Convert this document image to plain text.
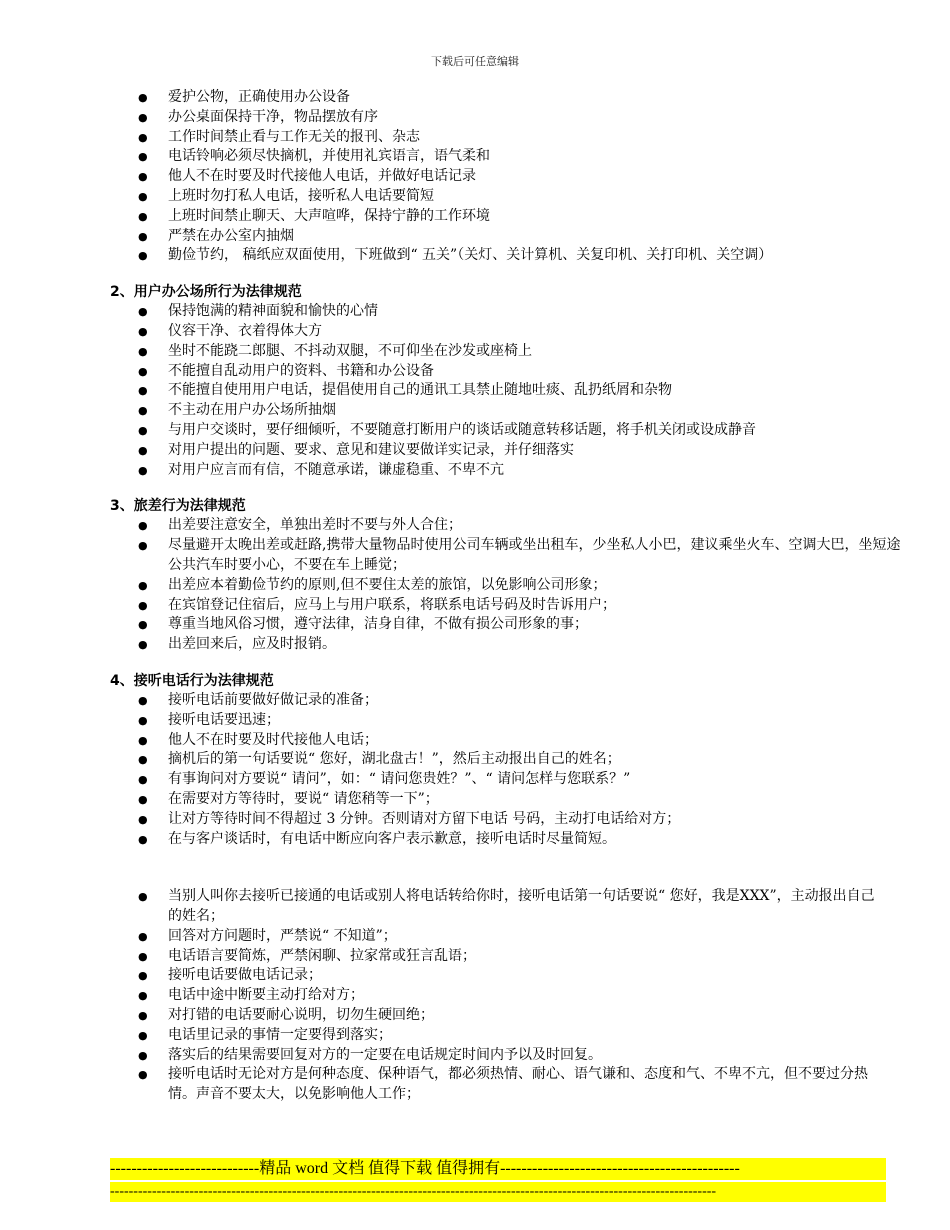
下载后可任意编辑
● 爱护公物，正确使用办公设备
● 办公桌面保持干净，物品摆放有序
● 工作时间禁止看与工作无关的报刊、杂志
● 电话铃响必须尽快摘机，并使用礼宾语言，语气柔和
● 他人不在时要及时代接他人电话，并做好电话记录
● 上班时勿打私人电话，接听私人电话要简短
● 上班时间禁止聊天、大声喧哗，保持宁静的工作环境
● 严禁在办公室内抽烟
● 勤俭节约， 稿纸应双面使用，下班做到“ 五关”（关灯、关计算机、关复印机、关打印机、关空调）
2、用户办公场所行为法律规范
● 保持饱满的精神面貌和愉快的心情
● 仪容干净、衣着得体大方
● 坐时不能跷二郎腿、不抖动双腿，不可仰坐在沙发或座椅上
● 不能擅自乱动用户的资料、书籍和办公设备
● 不能擅自使用用户电话，提倡使用自己的通讯工具禁止随地吐痰、乱扔纸屑和杂物
● 不主动在用户办公场所抽烟
● 与用户交谈时，要仔细倾听，不要随意打断用户的谈话或随意转移话题，将手机关闭或设成静音
● 对用户提出的问题、要求、意见和建议要做详实记录，并仔细落实
● 对用户应言而有信，不随意承诺，谦虚稳重、不卑不亢
3、旅差行为法律规范
● 出差要注意安全，单独出差时不要与外人合住；
● 尽量避开太晚出差或赶路,携带大量物品时使用公司车辆或坐出租车，少坐私人小巴，建议乘坐火车、空调大巴，坐短途公共汽车时要小心，不要在车上睡觉；
● 出差应本着勤俭节约的原则,但不要住太差的旅馆，以免影响公司形象；
● 在宾馆登记住宿后，应马上与用户联系，将联系电话号码及时告诉用户；
● 尊重当地风俗习惯，遵守法律，洁身自律，不做有损公司形象的事；
● 出差回来后，应及时报销。
4、接听电话行为法律规范
● 接听电话前要做好做记录的准备；
● 接听电话要迅速；
● 他人不在时要及时代接他人电话；
● 摘机后的第一句话要说“ 您好，湖北盘古！”，然后主动报出自己的姓名；
● 有事询问对方要说“ 请问”，如：“ 请问您贵姓？”、“ 请问怎样与您联系？”
● 在需要对方等待时，要说“ 请您稍等一下”；
● 让对方等待时间不得超过 3 分钟。否则请对方留下电话 号码，主动打电话给对方；
● 在与客户谈话时，有电话中断应向客户表示歉意，接听电话时尽量简短。
● 当别人叫你去接听已接通的电话或别人将电话转给你时，接听电话第一句话要说“ 您好，我是XXX”，主动报出自己的姓名；
● 回答对方问题时，严禁说“ 不知道”；
● 电话语言要简炼，严禁闲聊、拉家常或狂言乱语；
● 接听电话要做电话记录；
● 电话中途中断要主动打给对方；
● 对打错的电话要耐心说明，切勿生硬回绝；
● 电话里记录的事情一定要得到落实；
● 落实后的结果需要回复对方的一定要在电话规定时间内予以及时回复。
● 接听电话时无论对方是何种态度、保种语气，都必须热情、耐心、语气谦和、态度和气、不卑不亢，但不要过分热情。声音不要太大，以免影响他人工作；
----------------------------精品 word 文档 值得下载 值得拥有---------------------------------------------
----------------------------------------------------------------------------------------------------------------------------------
